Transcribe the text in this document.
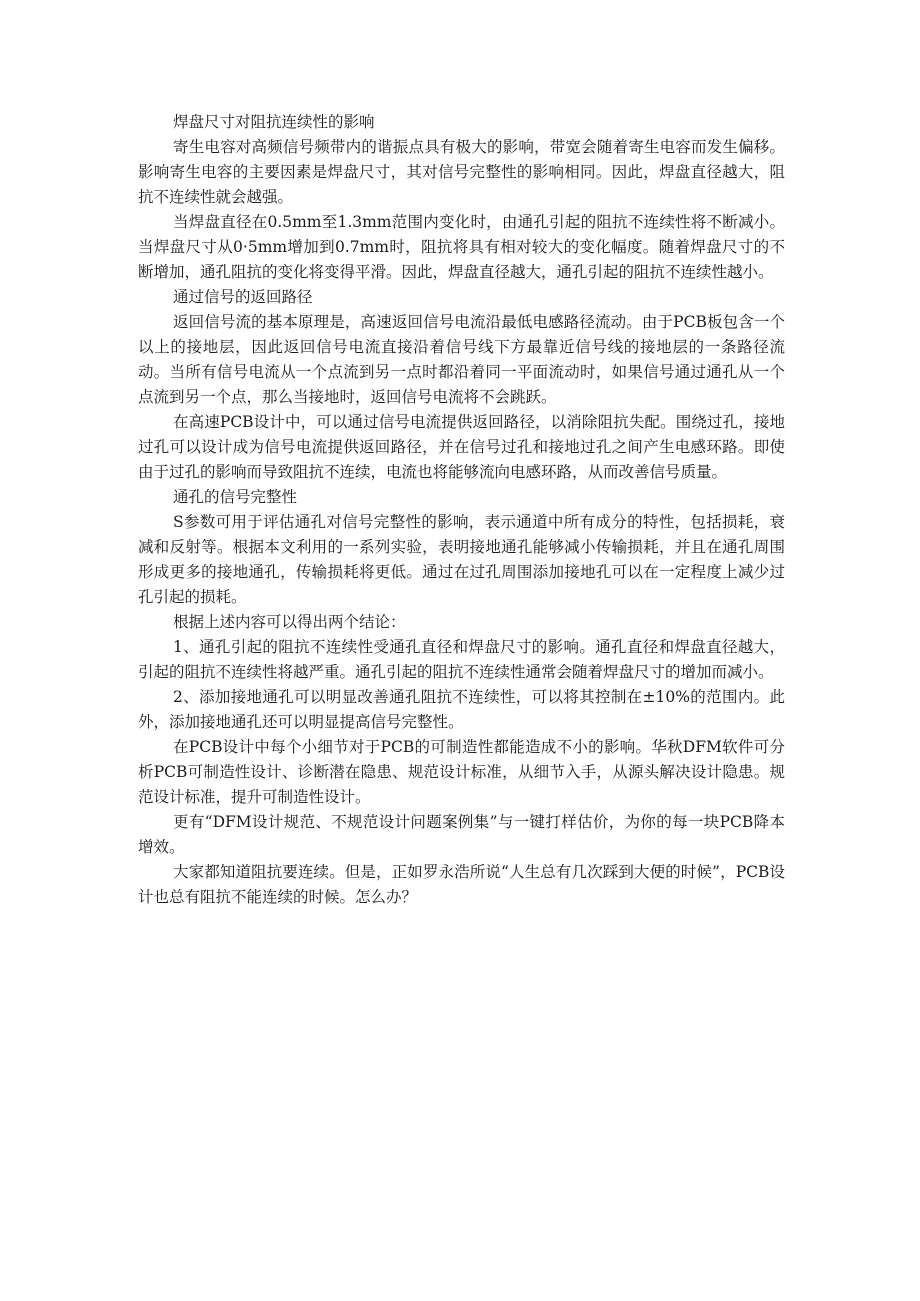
焊盘尺寸对阻抗连续性的影响

寄生电容对高频信号频带内的谐振点具有极大的影响，带宽会随着寄生电容而发生偏移。影响寄生电容的主要因素是焊盘尺寸，其对信号完整性的影响相同。因此，焊盘直径越大，阻抗不连续性就会越强。

当焊盘直径在0.5mm至1.3mm范围内变化时，由通孔引起的阻抗不连续性将不断减小。当焊盘尺寸从0·5mm增加到0.7mm时，阻抗将具有相对较大的变化幅度。随着焊盘尺寸的不断增加，通孔阻抗的变化将变得平滑。因此，焊盘直径越大，通孔引起的阻抗不连续性越小。

通过信号的返回路径

返回信号流的基本原理是，高速返回信号电流沿最低电感路径流动。由于PCB板包含一个以上的接地层，因此返回信号电流直接沿着信号线下方最靠近信号线的接地层的一条路径流动。当所有信号电流从一个点流到另一点时都沿着同一平面流动时，如果信号通过通孔从一个点流到另一个点，那么当接地时，返回信号电流将不会跳跃。

在高速PCB设计中，可以通过信号电流提供返回路径，以消除阻抗失配。围绕过孔，接地过孔可以设计成为信号电流提供返回路径，并在信号过孔和接地过孔之间产生电感环路。即使由于过孔的影响而导致阻抗不连续，电流也将能够流向电感环路，从而改善信号质量。

通孔的信号完整性

S参数可用于评估通孔对信号完整性的影响，表示通道中所有成分的特性，包括损耗，衰减和反射等。根据本文利用的一系列实验，表明接地通孔能够减小传输损耗，并且在通孔周围形成更多的接地通孔，传输损耗将更低。通过在过孔周围添加接地孔可以在一定程度上减少过孔引起的损耗。

根据上述内容可以得出两个结论：

1、通孔引起的阻抗不连续性受通孔直径和焊盘尺寸的影响。通孔直径和焊盘直径越大，引起的阻抗不连续性将越严重。通孔引起的阻抗不连续性通常会随着焊盘尺寸的增加而减小。

2、添加接地通孔可以明显改善通孔阻抗不连续性，可以将其控制在±10%的范围内。此外，添加接地通孔还可以明显提高信号完整性。

在PCB设计中每个小细节对于PCB的可制造性都能造成不小的影响。华秋DFM软件可分析PCB可制造性设计、诊断潜在隐患、规范设计标准，从细节入手，从源头解决设计隐患。规范设计标准，提升可制造性设计。

更有“DFM设计规范、不规范设计问题案例集”与一键打样估价，为你的每一块PCB降本增效。

大家都知道阻抗要连续。但是，正如罗永浩所说“人生总有几次踩到大便的时候”，PCB设计也总有阻抗不能连续的时候。怎么办？
